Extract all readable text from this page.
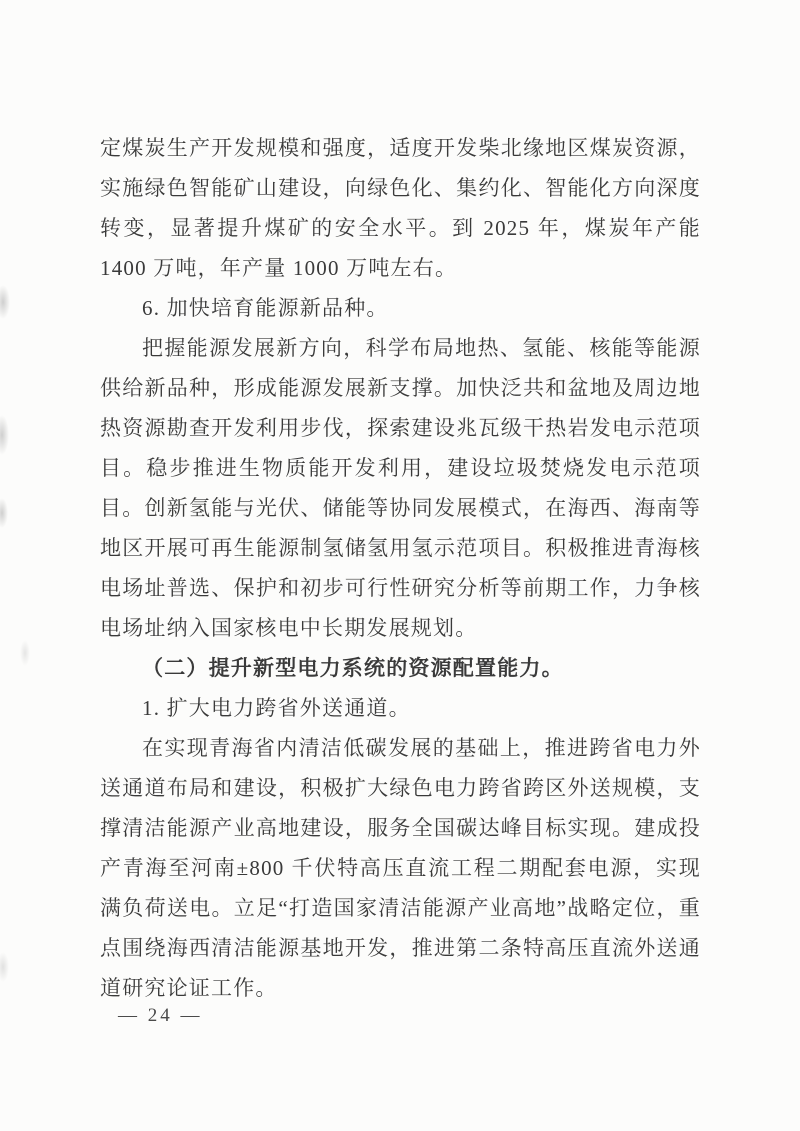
定煤炭生产开发规模和强度，适度开发柴北缘地区煤炭资源，实施绿色智能矿山建设，向绿色化、集约化、智能化方向深度转变，显著提升煤矿的安全水平。到 2025 年，煤炭年产能 1400 万吨，年产量 1000 万吨左右。

6. 加快培育能源新品种。

把握能源发展新方向，科学布局地热、氢能、核能等能源供给新品种，形成能源发展新支撑。加快泛共和盆地及周边地热资源勘查开发利用步伐，探索建设兆瓦级干热岩发电示范项目。稳步推进生物质能开发利用，建设垃圾焚烧发电示范项目。创新氢能与光伏、储能等协同发展模式，在海西、海南等地区开展可再生能源制氢储氢用氢示范项目。积极推进青海核电场址普选、保护和初步可行性研究分析等前期工作，力争核电场址纳入国家核电中长期发展规划。

（二）提升新型电力系统的资源配置能力。

1. 扩大电力跨省外送通道。

在实现青海省内清洁低碳发展的基础上，推进跨省电力外送通道布局和建设，积极扩大绿色电力跨省跨区外送规模，支撑清洁能源产业高地建设，服务全国碳达峰目标实现。建成投产青海至河南±800 千伏特高压直流工程二期配套电源，实现满负荷送电。立足“打造国家清洁能源产业高地”战略定位，重点围绕海西清洁能源基地开发，推进第二条特高压直流外送通道研究论证工作。

— 24 —
